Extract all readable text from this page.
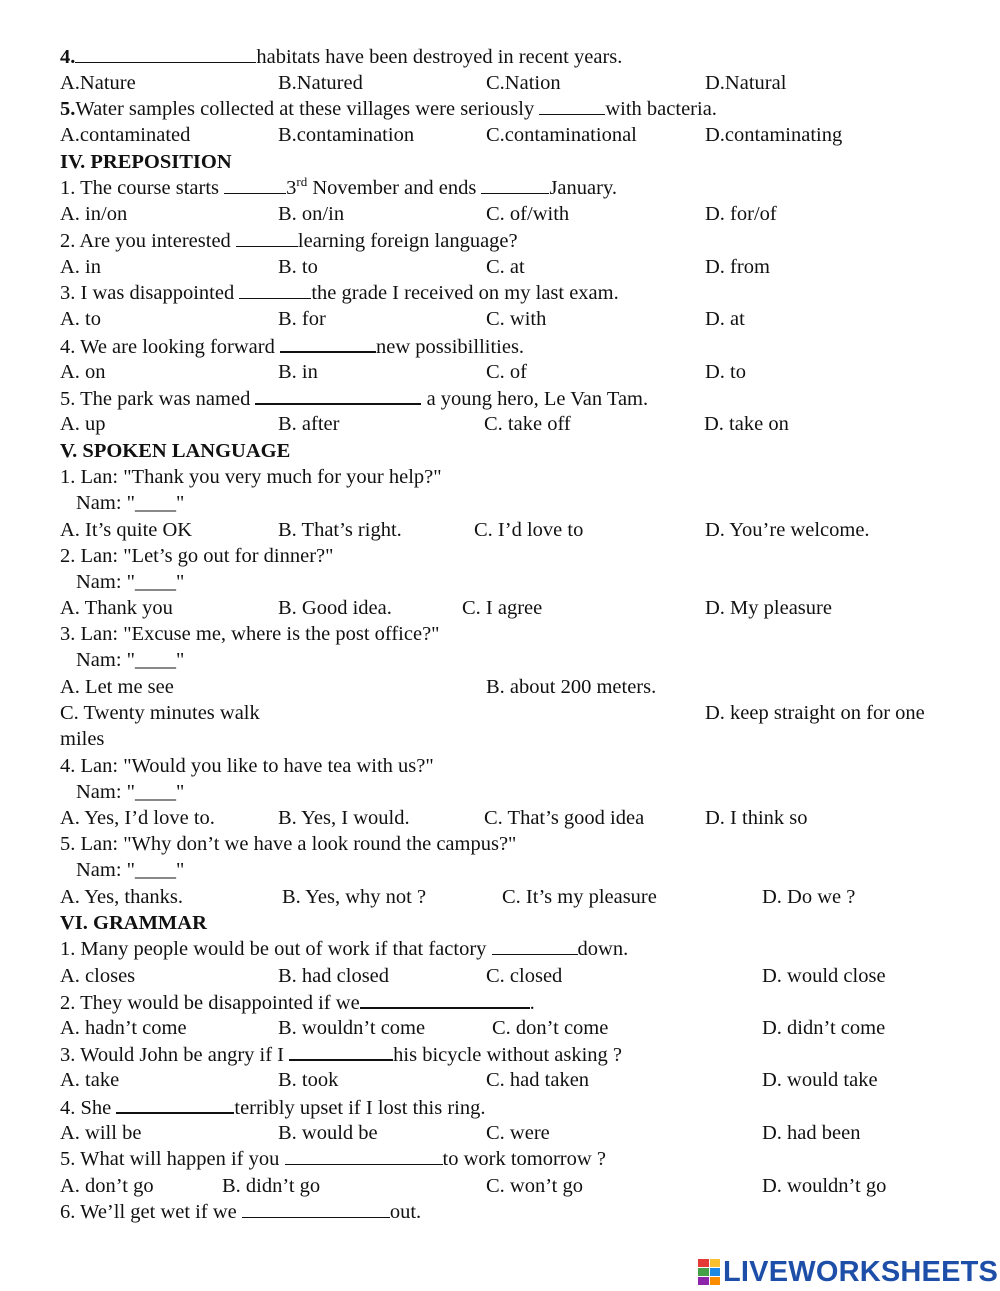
4.	habitats have been destroyed in recent years.
A.Nature	B.Natured	C.Nation	D.Natural
5.Water samples collected at these villages were seriously	with bacteria.
A.contaminated	B.contamination	C.contaminational	D.contaminating
IV. PREPOSITION
1. The course starts	3rd November and ends	January.
A. in/on	B. on/in	C. of/with	D. for/of
2. Are you interested	learning foreign language?
A. in	B. to	C. at	D. from
3. I was disappointed	the grade I received on my last exam.
A. to	B. for	C. with	D. at
4. We are looking forward	new possibillities.
A. on	B. in	C. of	D. to
5. The park was named	a young hero, Le Van Tam.
A. up	B. after	C. take off	D. take on
V. SPOKEN LANGUAGE
1. Lan: "Thank you very much for your help?"
Nam: "____"
A. It’s quite OK	B. That’s right.	C. I’d love to	D. You’re welcome.
2. Lan: "Let’s go out for dinner?"
Nam: "____"
A. Thank you	B. Good idea.	C. I agree	D. My pleasure
3. Lan: "Excuse me, where is the post office?"
Nam: "____"
A. Let me see	B. about 200 meters.
C. Twenty minutes walk	D. keep straight on for one
miles
4. Lan: "Would you like to have tea with us?"
Nam: "____"
A. Yes, I’d love to.	B. Yes, I would.	C. That’s good idea	D. I think so
5. Lan: "Why don’t we have a look round the campus?"
Nam: "____"
A. Yes, thanks.	B. Yes, why not ?	C. It’s my pleasure	D. Do we ?
VI. GRAMMAR
1. Many people would be out of work if that factory	down.
A. closes	B. had closed	C. closed	D. would close
2. They would be disappointed if we	.
A. hadn’t come	B. wouldn’t come	C. don’t come	D. didn’t come
3. Would John be angry if I	his bicycle without asking ?
A. take	B. took	C. had taken	D. would take
4. She	terribly upset if I lost this ring.
A. will be	B. would be	C. were	D. had been
5. What will happen if you	to work tomorrow ?
A. don’t go	B. didn’t go	C. won’t go	D. wouldn’t go
6. We’ll get wet if we	out.
LIVEWORKSHEETS
